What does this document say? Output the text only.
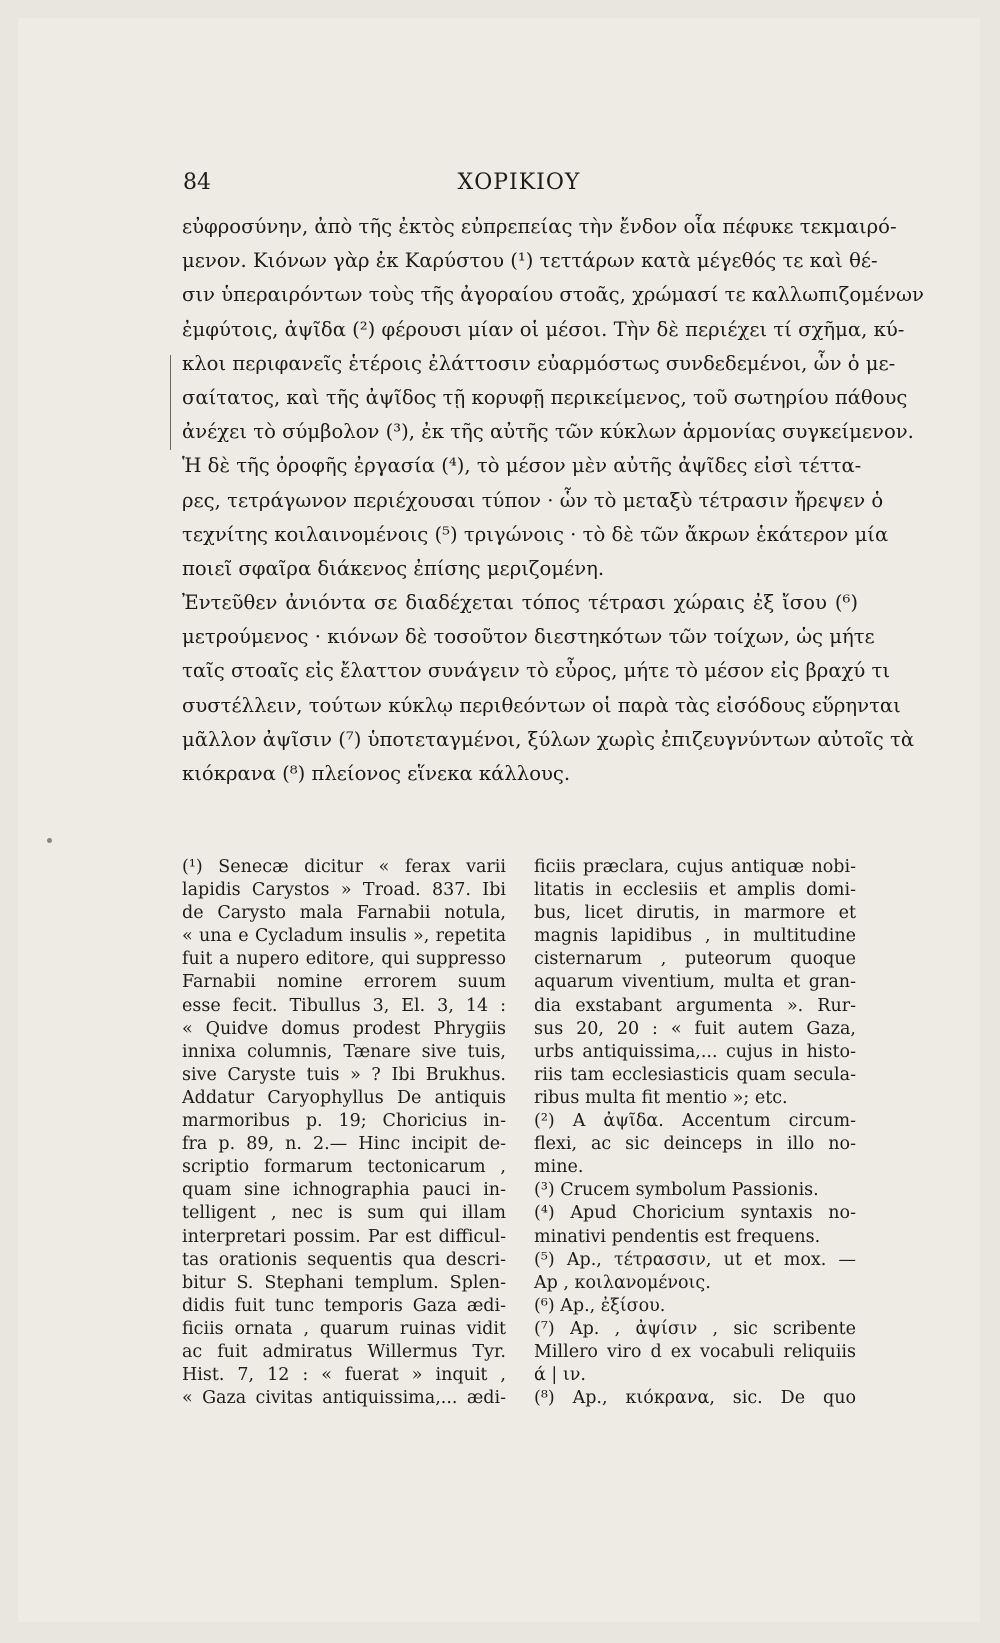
84	ΧΟΡΙΚΙΟΥ
εὐφροσύνην, ἀπὸ τῆς ἐκτὸς εὐπρεπείας τὴν ἔνδον οἷα πέφυκε τεκμαιρό-
μενον. Κιόνων γὰρ ἐκ Καρύστου (¹) τεττάρων κατὰ μέγεθός τε καὶ θέ-
σιν ὑπεραιρόντων τοὺς τῆς ἀγοραίου στοᾶς, χρώμασί τε καλλωπιζομένων
ἐμφύτοις, ἀψῖδα (²) φέρουσι μίαν οἱ μέσοι. Τὴν δὲ περιέχει τί σχῆμα, κύ-
κλοι περιφανεῖς ἑτέροις ἐλάττοσιν εὐαρμόστως συνδεδεμένοι, ὧν ὁ με-
σαίτατος, καὶ τῆς ἀψῖδος τῇ κορυφῇ περικείμενος, τοῦ σωτηρίου πάθους
ἀνέχει τὸ σύμβολον (³), ἐκ τῆς αὐτῆς τῶν κύκλων ἁρμονίας συγκείμενον.
Ἡ δὲ τῆς ὀροφῆς ἐργασία (⁴), τὸ μέσον μὲν αὐτῆς ἀψῖδες εἰσὶ τέττα-
ρες, τετράγωνον περιέχουσαι τύπον · ὧν τὸ μεταξὺ τέτρασιν ἤρεψεν ὁ
τεχνίτης κοιλαινομένοις (⁵) τριγώνοις · τὸ δὲ τῶν ἄκρων ἑκάτερον μία
ποιεῖ σφαῖρα διάκενος ἐπίσης μεριζομένη.
Ἐντεῦθεν ἀνιόντα σε διαδέχεται τόπος τέτρασι χώραις ἐξ ἴσου (⁶)
μετρούμενος · κιόνων δὲ τοσοῦτον διεστηκότων τῶν τοίχων, ὡς μήτε
ταῖς στοαῖς εἰς ἔλαττον συνάγειν τὸ εὖρος, μήτε τὸ μέσον εἰς βραχύ τι
συστέλλειν, τούτων κύκλῳ περιθεόντων οἱ παρὰ τὰς εἰσόδους εὕρηνται
μᾶλλον ἀψῖσιν (⁷) ὑποτεταγμένοι, ξύλων χωρὶς ἐπιζευγνύντων αὐτοῖς τὰ
κιόκρανα (⁸) πλείονος εἵνεκα κάλλους.
(¹) Senecæ dicitur « ferax varii
lapidis Carystos » Troad. 837. Ibi
de Carysto mala Farnabii notula,
« una e Cycladum insulis », repetita
fuit a nupero editore, qui suppresso
Farnabii nomine errorem suum
esse fecit. Tibullus 3, El. 3, 14 :
« Quidve domus prodest Phrygiis
innixa columnis, Tænare sive tuis,
sive Caryste tuis » ? Ibi Brukhus.
Addatur Caryophyllus De antiquis
marmoribus p. 19; Choricius in-
fra p. 89, n. 2.— Hinc incipit de-
scriptio formarum tectonicarum ,
quam sine ichnographia pauci in-
telligent , nec is sum qui illam
interpretari possim. Par est difficul-
tas orationis sequentis qua descri-
bitur S. Stephani templum. Splen-
didis fuit tunc temporis Gaza ædi-
ficiis ornata , quarum ruinas vidit
ac fuit admiratus Willermus Tyr.
Hist. 7, 12 : « fuerat » inquit ,
« Gaza civitas antiquissima,... ædi-
ficiis præclara, cujus antiquæ nobi-
litatis in ecclesiis et amplis domi-
bus, licet dirutis, in marmore et
magnis lapidibus , in multitudine
cisternarum , puteorum quoque
aquarum viventium, multa et gran-
dia exstabant argumenta ». Rur-
sus 20, 20 : « fuit autem Gaza,
urbs antiquissima,... cujus in histo-
riis tam ecclesiasticis quam secula-
ribus multa fit mentio »; etc.
(²) A ἀψῖδα. Accentum circum-
flexi, ac sic deinceps in illo no-
mine.
(³) Crucem symbolum Passionis.
(⁴) Apud Choricium syntaxis no-
minativi pendentis est frequens.
(⁵) Ap., τέτρασσιν, ut et mox. —
Ap , κοιλανομένοις.
(⁶) Ap., ἐξίσου.
(⁷) Ap. , ἀψίσιν , sic scribente
Millero viro d ex vocabuli reliquiis
ά | ιν.
(⁸) Ap., κιόκρανα, sic. De quo
